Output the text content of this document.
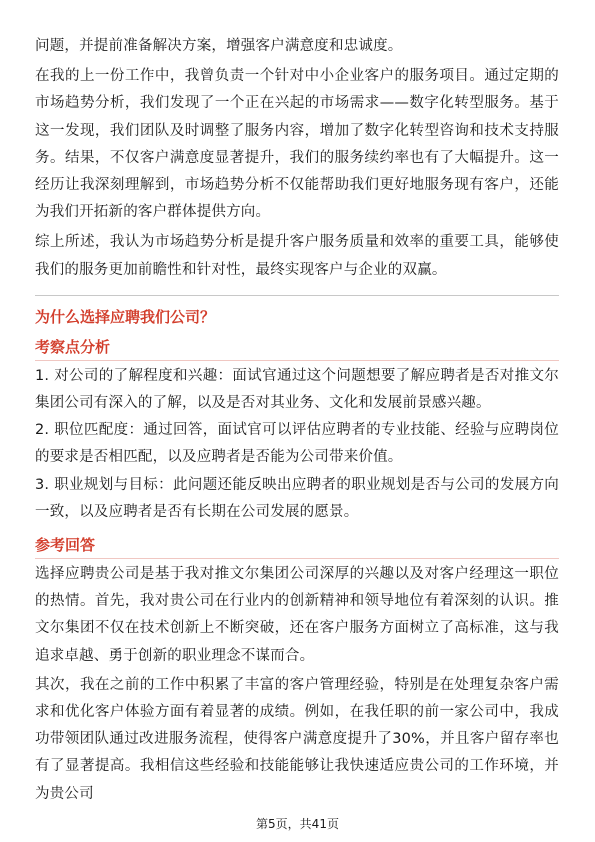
问题，并提前准备解决方案，增强客户满意度和忠诚度。

在我的上一份工作中，我曾负责一个针对中小企业客户的服务项目。通过定期的市场趋势分析，我们发现了一个正在兴起的市场需求——数字化转型服务。基于这一发现，我们团队及时调整了服务内容，增加了数字化转型咨询和技术支持服务。结果，不仅客户满意度显著提升，我们的服务续约率也有了大幅提升。这一经历让我深刻理解到，市场趋势分析不仅能帮助我们更好地服务现有客户，还能为我们开拓新的客户群体提供方向。

综上所述，我认为市场趋势分析是提升客户服务质量和效率的重要工具，能够使我们的服务更加前瞻性和针对性，最终实现客户与企业的双赢。

为什么选择应聘我们公司？
考察点分析

1. 对公司的了解程度和兴趣：面试官通过这个问题想要了解应聘者是否对推文尔集团公司有深入的了解，以及是否对其业务、文化和发展前景感兴趣。

2. 职位匹配度：通过回答，面试官可以评估应聘者的专业技能、经验与应聘岗位的要求是否相匹配，以及应聘者是否能为公司带来价值。

3. 职业规划与目标：此问题还能反映出应聘者的职业规划是否与公司的发展方向一致，以及应聘者是否有长期在公司发展的愿景。

参考回答

选择应聘贵公司是基于我对推文尔集团公司深厚的兴趣以及对客户经理这一职位的热情。首先，我对贵公司在行业内的创新精神和领导地位有着深刻的认识。推文尔集团不仅在技术创新上不断突破，还在客户服务方面树立了高标准，这与我追求卓越、勇于创新的职业理念不谋而合。

其次，我在之前的工作中积累了丰富的客户管理经验，特别是在处理复杂客户需求和优化客户体验方面有着显著的成绩。例如，在我任职的前一家公司中，我成功带领团队通过改进服务流程，使得客户满意度提升了30%，并且客户留存率也有了显著提高。我相信这些经验和技能能够让我快速适应贵公司的工作环境，并为贵公司

第5页，共41页
